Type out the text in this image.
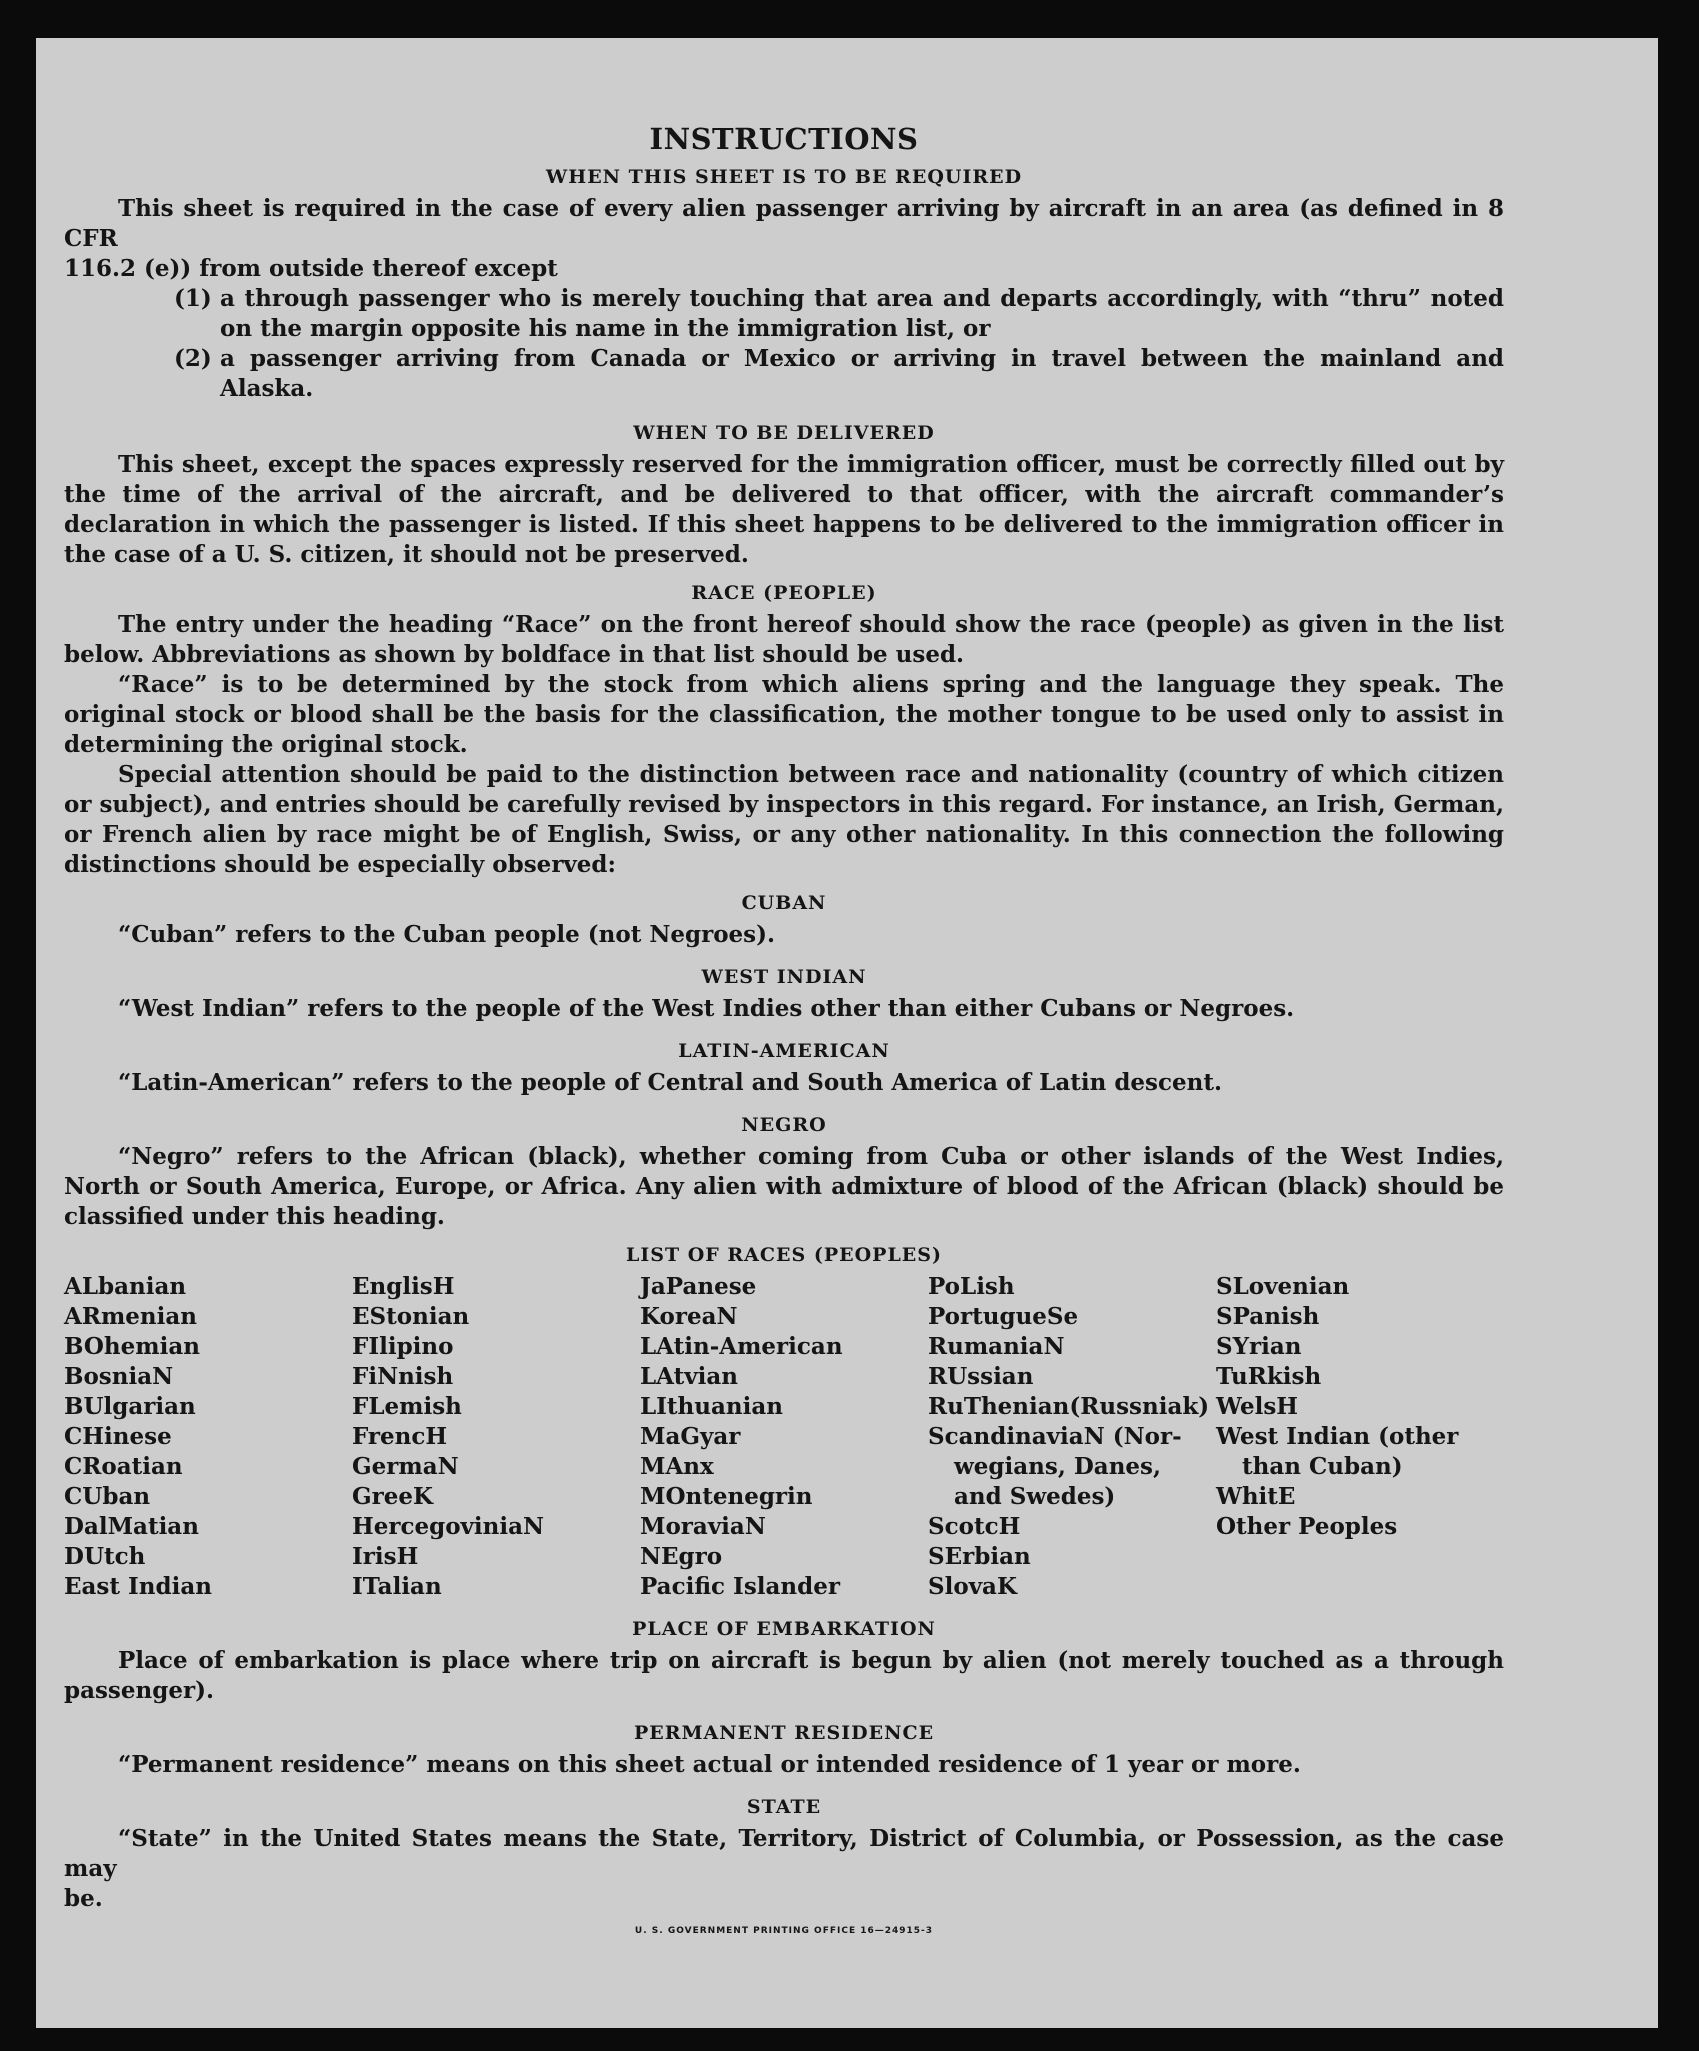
INSTRUCTIONS
WHEN THIS SHEET IS TO BE REQUIRED

This sheet is required in the case of every alien passenger arriving by aircraft in an area (as defined in 8 CFR

116.2 (e)) from outside thereof except

(1) a through passenger who is merely touching that area and departs accordingly, with “thru” noted on the margin opposite his name in the immigration list, or
(2) a passenger arriving from Canada or Mexico or arriving in travel between the mainland and Alaska.
WHEN TO BE DELIVERED

This sheet, except the spaces expressly reserved for the immigration officer, must be correctly filled out by the time of the arrival of the aircraft, and be delivered to that officer, with the aircraft commander’s declaration in which the passenger is listed. If this sheet happens to be delivered to the immigration officer in the case of a U. S. citizen, it should not be preserved.

RACE (PEOPLE)

The entry under the heading “Race” on the front hereof should show the race (people) as given in the list below. Abbreviations as shown by boldface in that list should be used.

“Race” is to be determined by the stock from which aliens spring and the language they speak. The original stock or blood shall be the basis for the classification, the mother tongue to be used only to assist in determining the original stock.

Special attention should be paid to the distinction between race and nationality (country of which citizen or subject), and entries should be carefully revised by inspectors in this regard. For instance, an Irish, German, or French alien by race might be of English, Swiss, or any other nationality. In this connection the following distinctions should be especially observed:

CUBAN

“Cuban” refers to the Cuban people (not Negroes).

WEST INDIAN

“West Indian” refers to the people of the West Indies other than either Cubans or Negroes.

LATIN-AMERICAN

“Latin-American” refers to the people of Central and South America of Latin descent.

NEGRO

“Negro” refers to the African (black), whether coming from Cuba or other islands of the West Indies, North or South America, Europe, or Africa. Any alien with admixture of blood of the African (black) should be classified under this heading.

LIST OF RACES (PEOPLES)
ALbanian
ARmenian
BOhemian
BosniaN
BUlgarian
CHinese
CRoatian
CUban
DalMatian
DUtch
East Indian
EnglisH
EStonian
FIlipino
FiNnish
FLemish
FrencH
GermaN
GreeK
HercegoviniaN
IrisH
ITalian
JaPanese
KoreaN
LAtin-American
LAtvian
LIthuanian
MaGyar
MAnx
MOntenegrin
MoraviaN
NEgro
Pacific Islander
PoLish
PortugueSe
RumaniaN
RUssian
RuThenian(Russniak)
ScandinaviaN (Nor-
wegians, Danes,
and Swedes)
ScotcH
SErbian
SlovaK
SLovenian
SPanish
SYrian
TuRkish
WelsH
West Indian (other
than Cuban)
WhitE
Other Peoples
PLACE OF EMBARKATION

Place of embarkation is place where trip on aircraft is begun by alien (not merely touched as a through passenger).

PERMANENT RESIDENCE

“Permanent residence” means on this sheet actual or intended residence of 1 year or more.

STATE

“State” in the United States means the State, Territory, District of Columbia, or Possession, as the case may

be.

U. S. GOVERNMENT PRINTING OFFICE 16—24915-3
